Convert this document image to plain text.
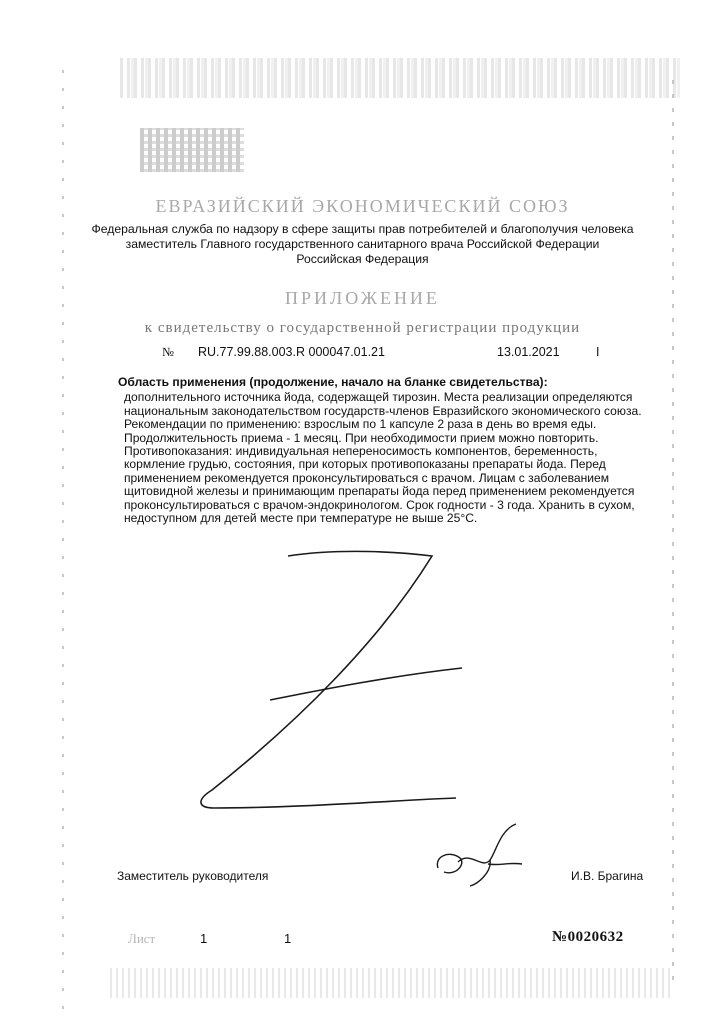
ЕВРАЗИЙСКИЙ ЭКОНОМИЧЕСКИЙ СОЮЗ
Федеральная служба по надзору в сфере защиты прав потребителей и благополучия человека
заместитель Главного государственного санитарного врача Российской Федерации
Российская Федерация
ПРИЛОЖЕНИЕ
к свидетельству о государственной регистрации продукции
№ RU.77.99.88.003.R 000047.01.21	13.01.2021	I
Область применения (продолжение, начало на бланке свидетельства):

дополнительного источника йода, содержащей тирозин. Места реализации определяются национальным законодательством государств-членов Евразийского экономического союза. Рекомендации по применению: взрослым по 1 капсуле 2 раза в день во время еды. Продолжительность приема - 1 месяц. При необходимости прием можно повторить. Противопоказания: индивидуальная непереносимость компонентов, беременность, кормление грудью, состояния, при которых противопоказаны препараты йода. Перед применением рекомендуется проконсультироваться с врачом. Лицам с заболеванием щитовидной железы и принимающим препараты йода перед применением рекомендуется проконсультироваться с врачом-эндокринологом. Срок годности - 3 года. Хранить в сухом, недоступном для детей месте при температуре не выше 25°С.

Заместитель руководителя	И.В. Брагина
Лист	1	1	№0020632
